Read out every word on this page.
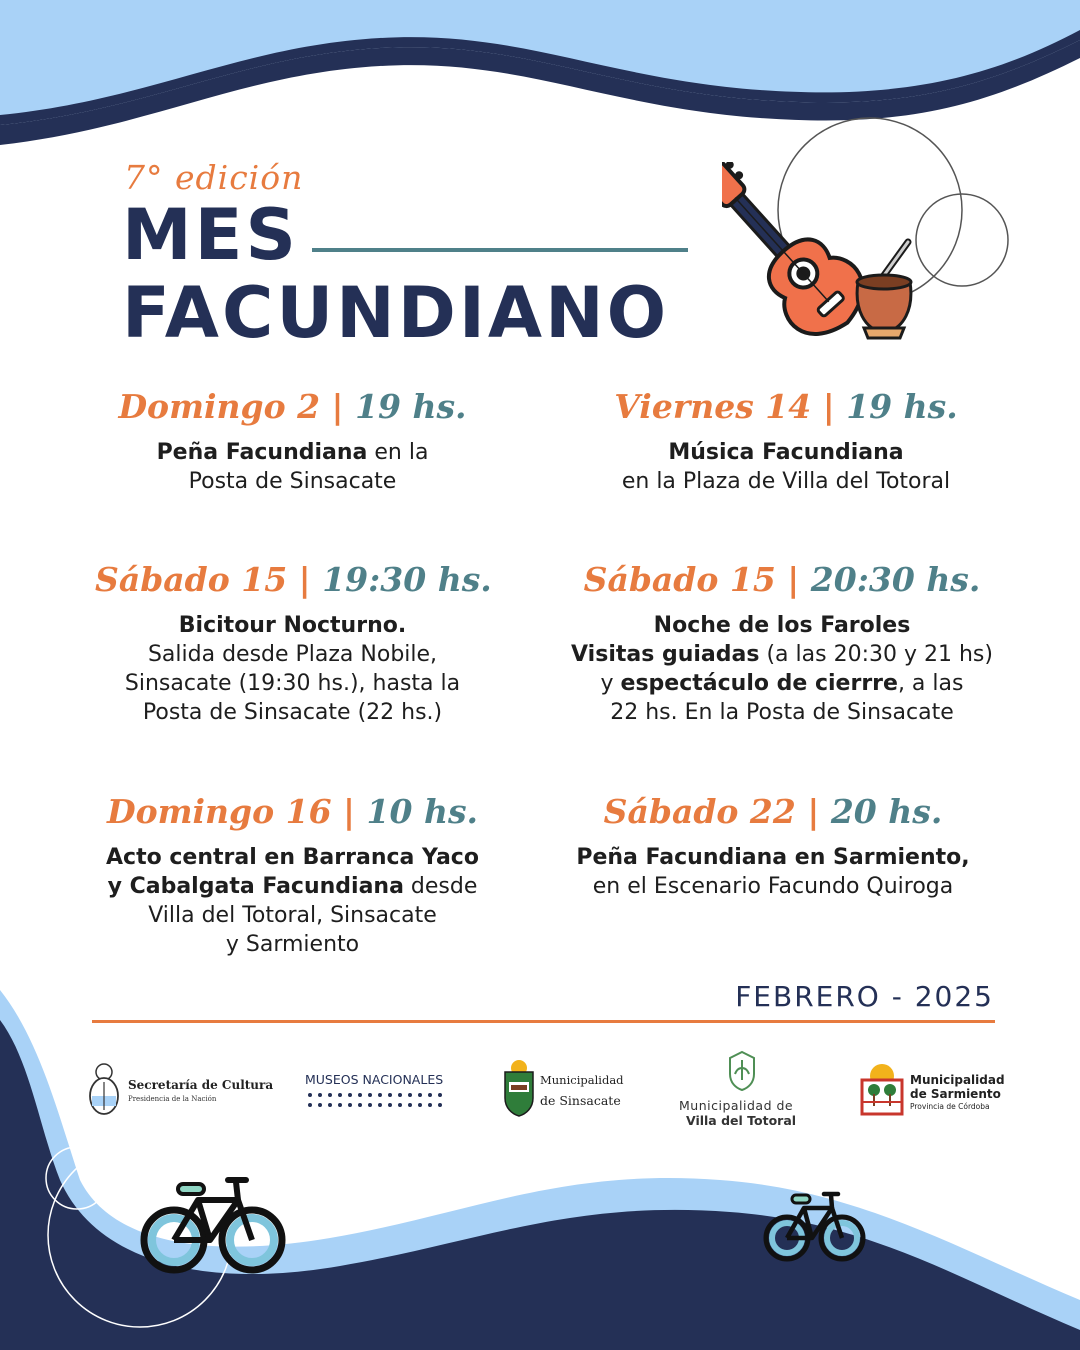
7° edición
MES
FACUNDIANO
Domingo 2 | 19 hs.
Peña Facundiana en la
Posta de Sinsacate
Viernes 14 | 19 hs.
Música Facundiana
en la Plaza de Villa del Totoral
Sábado 15 | 19:30 hs.
Bicitour Nocturno.
Salida desde Plaza Nobile,
Sinsacate (19:30 hs.), hasta la
Posta de Sinsacate (22 hs.)
Sábado 15 | 20:30 hs.
Noche de los Faroles
Visitas guiadas (a las 20:30 y 21 hs)
y espectáculo de cierrre, a las
22 hs. En la Posta de Sinsacate
Domingo 16 | 10 hs.
Acto central en Barranca Yaco
y Cabalgata Facundiana desde
Villa del Totoral, Sinsacate
y Sarmiento
Sábado 22 | 20 hs.
Peña Facundiana en Sarmiento,
en el Escenario Facundo Quiroga
FEBRERO - 2025
Secretaría de Cultura
Presidencia de la Nación
MUSEOS NACIONALES	Municipalidad
de Sinsacate	Municipalidad de
Villa del Totoral
Municipalidad
de Sarmiento
Provincia de Córdoba
